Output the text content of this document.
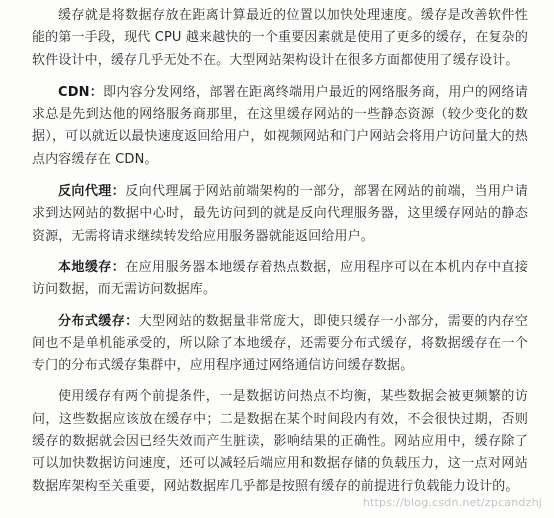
缓存就是将数据存放在距离计算最近的位置以加快处理速度。缓存是改善软件性能的第一手段，现代 CPU 越来越快的一个重要因素就是使用了更多的缓存，在复杂的软件设计中，缓存几乎无处不在。大型网站架构设计在很多方面都使用了缓存设计。

CDN：即内容分发网络，部署在距离终端用户最近的网络服务商，用户的网络请求总是先到达他的网络服务商那里，在这里缓存网站的一些静态资源（较少变化的数据），可以就近以最快速度返回给用户，如视频网站和门户网站会将用户访问量大的热点内容缓存在 CDN。

反向代理：反向代理属于网站前端架构的一部分，部署在网站的前端，当用户请求到达网站的数据中心时，最先访问到的就是反向代理服务器，这里缓存网站的静态资源，无需将请求继续转发给应用服务器就能返回给用户。

本地缓存：在应用服务器本地缓存着热点数据，应用程序可以在本机内存中直接访问数据，而无需访问数据库。

分布式缓存：大型网站的数据量非常庞大，即使只缓存一小部分，需要的内存空间也不是单机能承受的，所以除了本地缓存，还需要分布式缓存，将数据缓存在一个专门的分布式缓存集群中，应用程序通过网络通信访问缓存数据。

使用缓存有两个前提条件，一是数据访问热点不均衡，某些数据会被更频繁的访问，这些数据应该放在缓存中；二是数据在某个时间段内有效，不会很快过期，否则缓存的数据就会因已经失效而产生脏读，影响结果的正确性。网站应用中，缓存除了可以加快数据访问速度，还可以减轻后端应用和数据存储的负载压力，这一点对网站数据库架构至关重要，网站数据库几乎都是按照有缓存的前提进行负载能力设计的。

https://blog.csdn.net/zpcandzhj
